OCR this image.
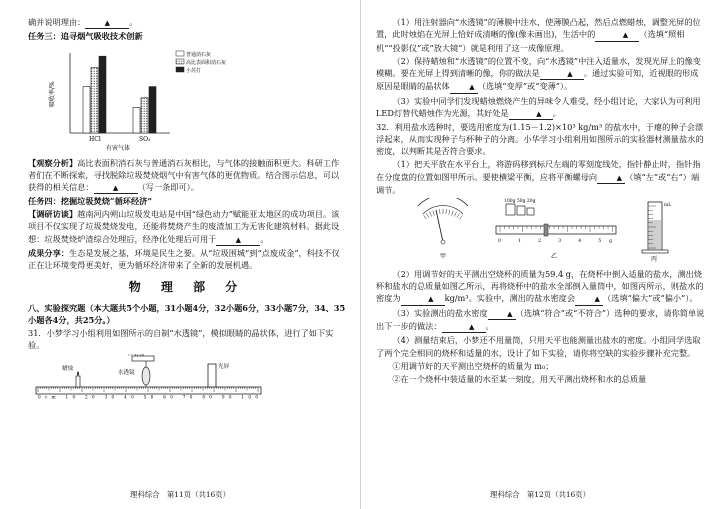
确并说明理由：	▲ 。

任务三：追寻烟气吸收技术创新

吸收率/%
有害气体
HCl	SO₂
普通消石灰
高比表面积消石灰
小苏打

【观察分析】高比表面积消石灰与普通消石灰相比，与气体的接触面积更大。科研工作者们在不断探索，寻找脱除垃圾焚烧烟气中有害气体的更优物质。结合图示信息，可以获得的相关信息：	▲ （写一条即可）。

任务四：挖掘垃圾焚烧“循环经济”

【调研访谈】越南河内朔山垃圾发电站是中国“绿色动力”赋能亚太地区的成功项目。该项目不仅实现了垃圾焚烧发电，还能将焚烧产生的废渣加工为无害化建筑材料。据此设想：垃圾焚烧炉渣综合处理后，经净化处理后可用于	▲ 。

成果分享：生态是发展之基，环境是民生之要。从“垃圾围城”到“点废成金”，科技不仅正在让环境变得更美好，更为循环经济带来了全新的发展机遇。

物 理 部 分

八、实验探究题（本大题共5个小题，31小题4分，32小题6分，33小题7分，34、35小题各4分，共25分。）

31．小梦学习小组利用如图所示的自制“水透镜”，模拟眼睛的晶状体，进行了如下实验。

注射器
蜡烛
水透镜
光屏
0cm 10 20 30 40 50 60 70 80 90 100
理科综合　第11页（共16页）

（1）用注射器向“水透镜”的薄膜中注水，使薄膜凸起，然后点燃蜡烛，调整光屏的位置，此时烛焰在光屏上恰好成清晰的像(像未画出)，生活中的	▲ （选填“照相机”“投影仪”或“放大镜”）就是利用了这一成像原理。

（2）保持蜡烛和“水透镜”的位置不变，向“水透镜”中注入适量水，发现光屏上的像变模糊。要在光屏上得到清晰的像，你的做法是	▲ 。通过实验可知，近视眼的形成原因是眼睛的晶状体	▲ （选填“变厚”或“变薄”）。

（3）实验中同学们发现蜡烛燃烧产生的异味令人难受，经小组讨论，大家认为可利用LED灯替代蜡烛作为光源，其好处是	▲ 。

32．利用盐水选种时，要选用密度为(1.15－1.2)×10³ kg/m³ 的盐水中，于瘪的种子会漂浮起来，从而实现种子与杯种子的分离。小华学习小组利用如图所示的实验器材测量盐水的密度，以判断其是否符合要求。

（1）把天平放在水平台上，将游码移到标尺左端的零刻度线处，指针静止时，指针指在分度盘的位置如图甲所示。要使横梁平衡，应将平衡螺母向	▲ （填“左”或“右”）端调节。

甲
100g 50g 20g
0 1 2 3 4 5g
乙
mL
丙

（2）用调节好的天平测出空烧杯的质量为59.4 g，在烧杯中倒入适量的盐水，测出烧杯和盐水的总质量如图乙所示，再将烧杯中的盐水全部倒入量筒中，如图丙所示，则盐水的密度为	▲ kg/m³。实验中，测出的盐水密度会	▲ （选填“偏大”或“偏小”）。

（3）实验测出的盐水密度	▲ （选填“符合”或“不符合”）选种的要求，请你简单说出下一步的做法：	▲ 。

（4）测量结束后，小梦还不用量筒，只用天平也能测量出盐水的密度。小组同学选取了两个完全相同的烧杯和适量的水，设计了如下实验，请你将空缺的实验步骤补充完整。

①用调节好的天平测出空烧杯的质量为 m₀；

②在一个烧杯中装适量的水至某一刻度，用天平测出烧杯和水的总质量

理科综合　第12页（共16页）
